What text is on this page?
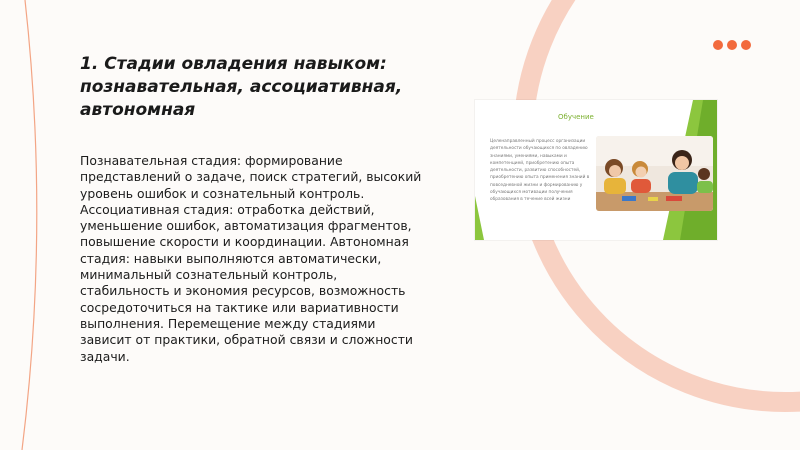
1. Стадии овладения навыком: познавательная, ассоциативная, автономная

Познавательная стадия: формирование представлений о задаче, поиск стратегий, высокий уровень ошибок и сознательный контроль. Ассоциативная стадия: отработка действий, уменьшение ошибок, автоматизация фрагментов, повышение скорости и координации. Автономная стадия: навыки выполняются автоматически, минимальный сознательный контроль, стабильность и экономия ресурсов, возможность сосредоточиться на тактике или вариативности выполнения. Перемещение между стадиями зависит от практики, обратной связи и сложности задачи.

Обучение

Целенаправленный процесс организации деятельности обучающихся по овладению знаниями, умениями, навыками и компетенцией, приобретению опыта деятельности, развитию способностей, приобретению опыта применения знаний в повседневной жизни и формированию у обучающихся мотивации получения образования в течение всей жизни
